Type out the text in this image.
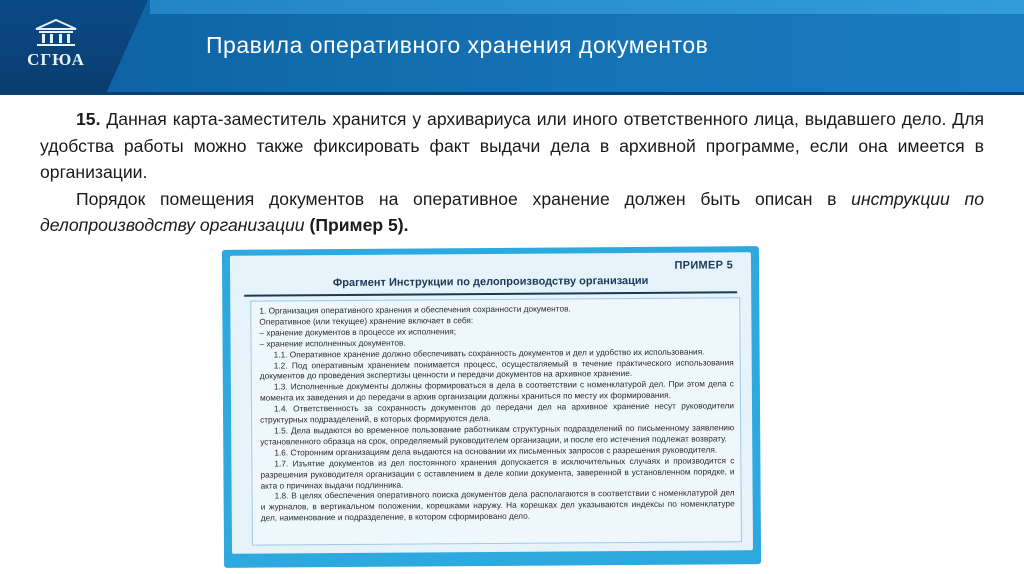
СГЮА
Правила оперативного хранения документов

15. Данная карта-заместитель хранится у архивариуса или иного ответственного лица, выдавшего дело. Для удобства работы можно также фиксировать факт выдачи дела в архивной программе, если она имеется в организации.

Порядок помещения документов на оперативное хранение должен быть описан в инструкции по делопроизводству организации (Пример 5).

ПРИМЕР 5
Фрагмент Инструкции по делопроизводству организации
1. Организация оперативного хранения и обеспечения сохранности документов.
Оперативное (или текущее) хранение включает в себя:
– хранение документов в процессе их исполнения;
– хранение исполненных документов.
1.1. Оперативное хранение должно обеспечивать сохранность документов и дел и удобство их использования.
1.2. Под оперативным хранением понимается процесс, осуществляемый в течение практического использования документов до проведения экспертизы ценности и передачи документов на архивное хранение.
1.3. Исполненные документы должны формироваться в дела в соответствии с номенклатурой дел. При этом дела с момента их заведения и до передачи в архив организации должны храниться по месту их формирования.
1.4. Ответственность за сохранность документов до передачи дел на архивное хранение несут руководители структурных подразделений, в которых формируются дела.
1.5. Дела выдаются во временное пользование работникам структурных подразделений по письменному заявлению установленного образца на срок, определяемый руководителем организации, и после его истечения подлежат возврату.
1.6. Сторонним организациям дела выдаются на основании их письменных запросов с разрешения руководителя.
1.7. Изъятие документов из дел постоянного хранения допускается в исключительных случаях и производится с разрешения руководителя организации с оставлением в деле копии документа, заверенной в установленном порядке, и акта о причинах выдачи подлинника.
1.8. В целях обеспечения оперативного поиска документов дела располагаются в соответствии с номенклатурой дел и журналов, в вертикальном положении, корешками наружу. На корешках дел указываются индексы по номенклатуре дел, наименование и подразделение, в котором сформировано дело.
